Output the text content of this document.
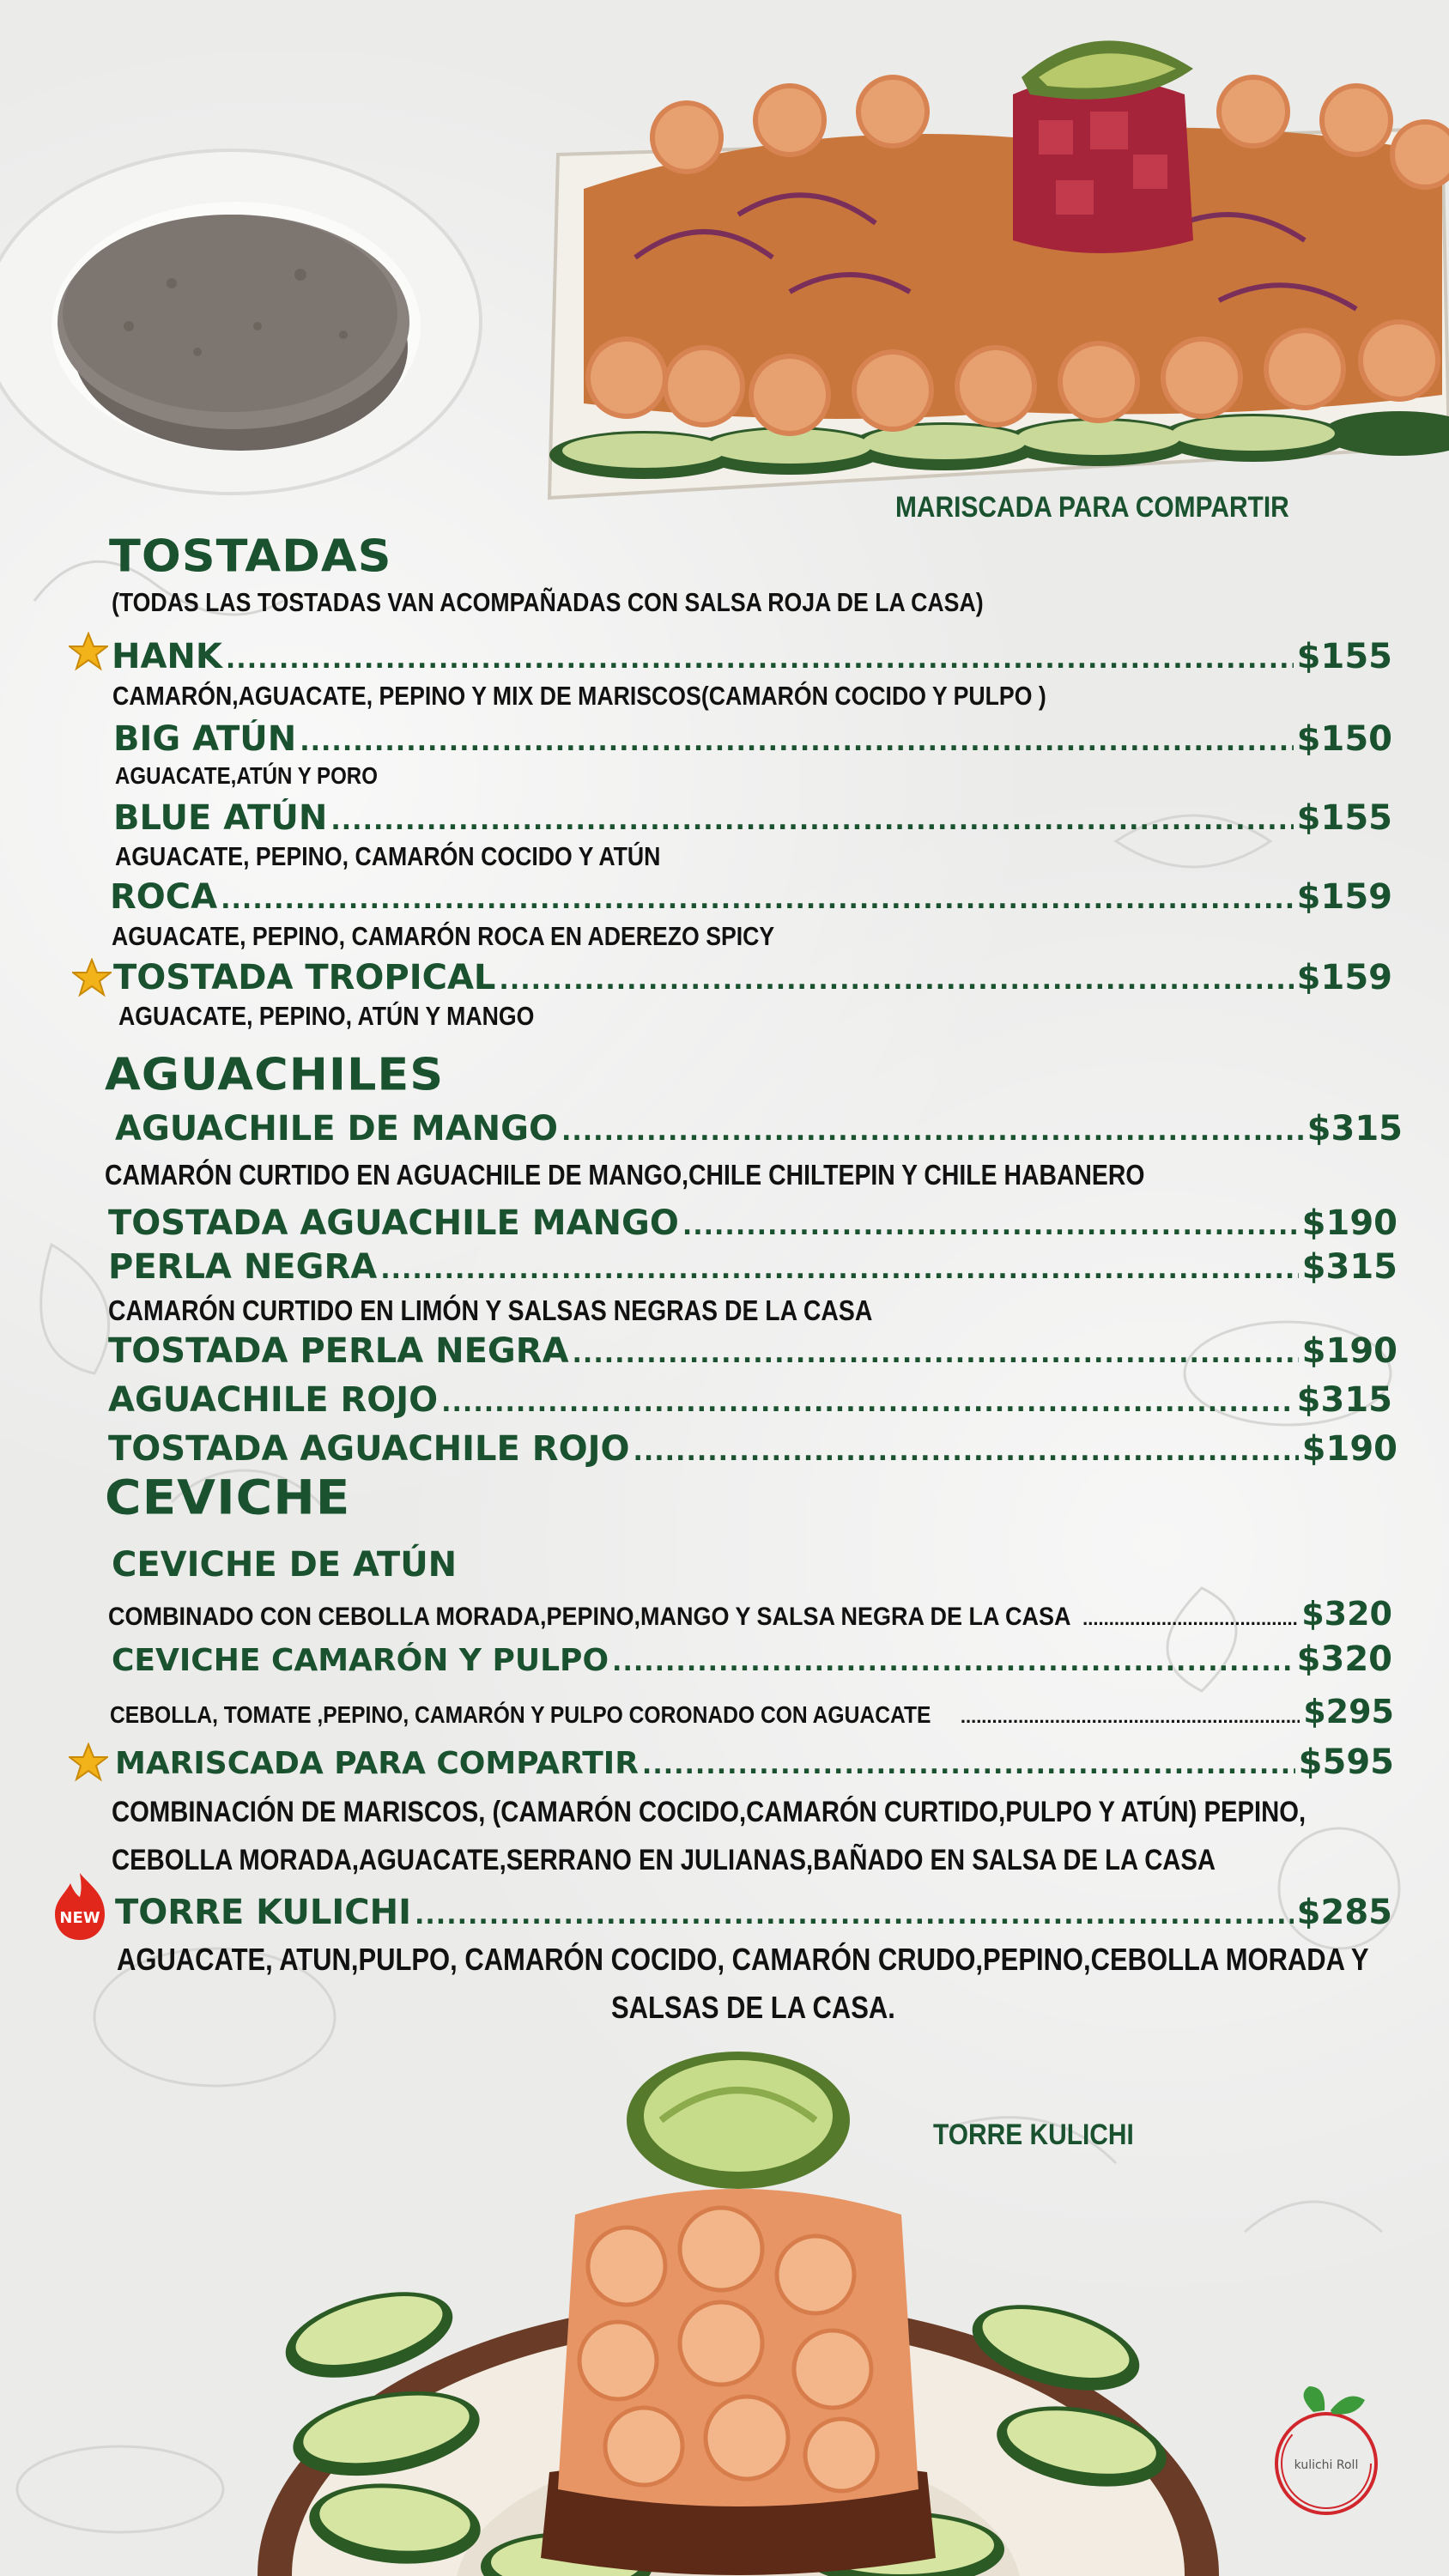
MARISCADA PARA COMPARTIR
TOSTADAS
(TODAS LAS TOSTADAS VAN ACOMPAÑADAS CON SALSA ROJA DE LA CASA)
HANK .....	$155
CAMARÓN,AGUACATE, PEPINO Y MIX DE MARISCOS(CAMARÓN COCIDO Y PULPO )
BIG ATÚN .....	$150
AGUACATE,ATÚN Y PORO
BLUE ATÚN .....	$155
AGUACATE, PEPINO, CAMARÓN COCIDO Y ATÚN
ROCA .....	$159
AGUACATE, PEPINO, CAMARÓN ROCA EN ADEREZO SPICY
TOSTADA TROPICAL .....	$159
AGUACATE, PEPINO, ATÚN Y MANGO
AGUACHILES
AGUACHILE DE MANGO .....	$315
CAMARÓN CURTIDO EN AGUACHILE DE MANGO,CHILE CHILTEPIN Y CHILE HABANERO
TOSTADA AGUACHILE MANGO .....	$190
PERLA NEGRA .....	$315
CAMARÓN CURTIDO EN LIMÓN Y SALSAS NEGRAS DE LA CASA
TOSTADA PERLA NEGRA .....	$190
AGUACHILE ROJO .....	$315
TOSTADA AGUACHILE ROJO .....	$190
CEVICHE
CEVICHE DE ATÚN
COMBINADO CON CEBOLLA MORADA,PEPINO,MANGO Y SALSA NEGRA DE LA CASA .....	$320
CEVICHE CAMARÓN Y PULPO .....	$320
CEBOLLA, TOMATE ,PEPINO, CAMARÓN Y PULPO CORONADO CON AGUACATE .....	$295
MARISCADA PARA COMPARTIR .....	$595
COMBINACIÓN DE MARISCOS, (CAMARÓN COCIDO,CAMARÓN CURTIDO,PULPO Y ATÚN) PEPINO,
CEBOLLA MORADA,AGUACATE,SERRANO EN JULIANAS,BAÑADO EN SALSA DE LA CASA
NEW TORRE KULICHI .....	$285
AGUACATE, ATUN,PULPO, CAMARÓN COCIDO, CAMARÓN CRUDO,PEPINO,CEBOLLA MORADA Y
SALSAS DE LA CASA.
TORRE KULICHI
kulichi Roll
